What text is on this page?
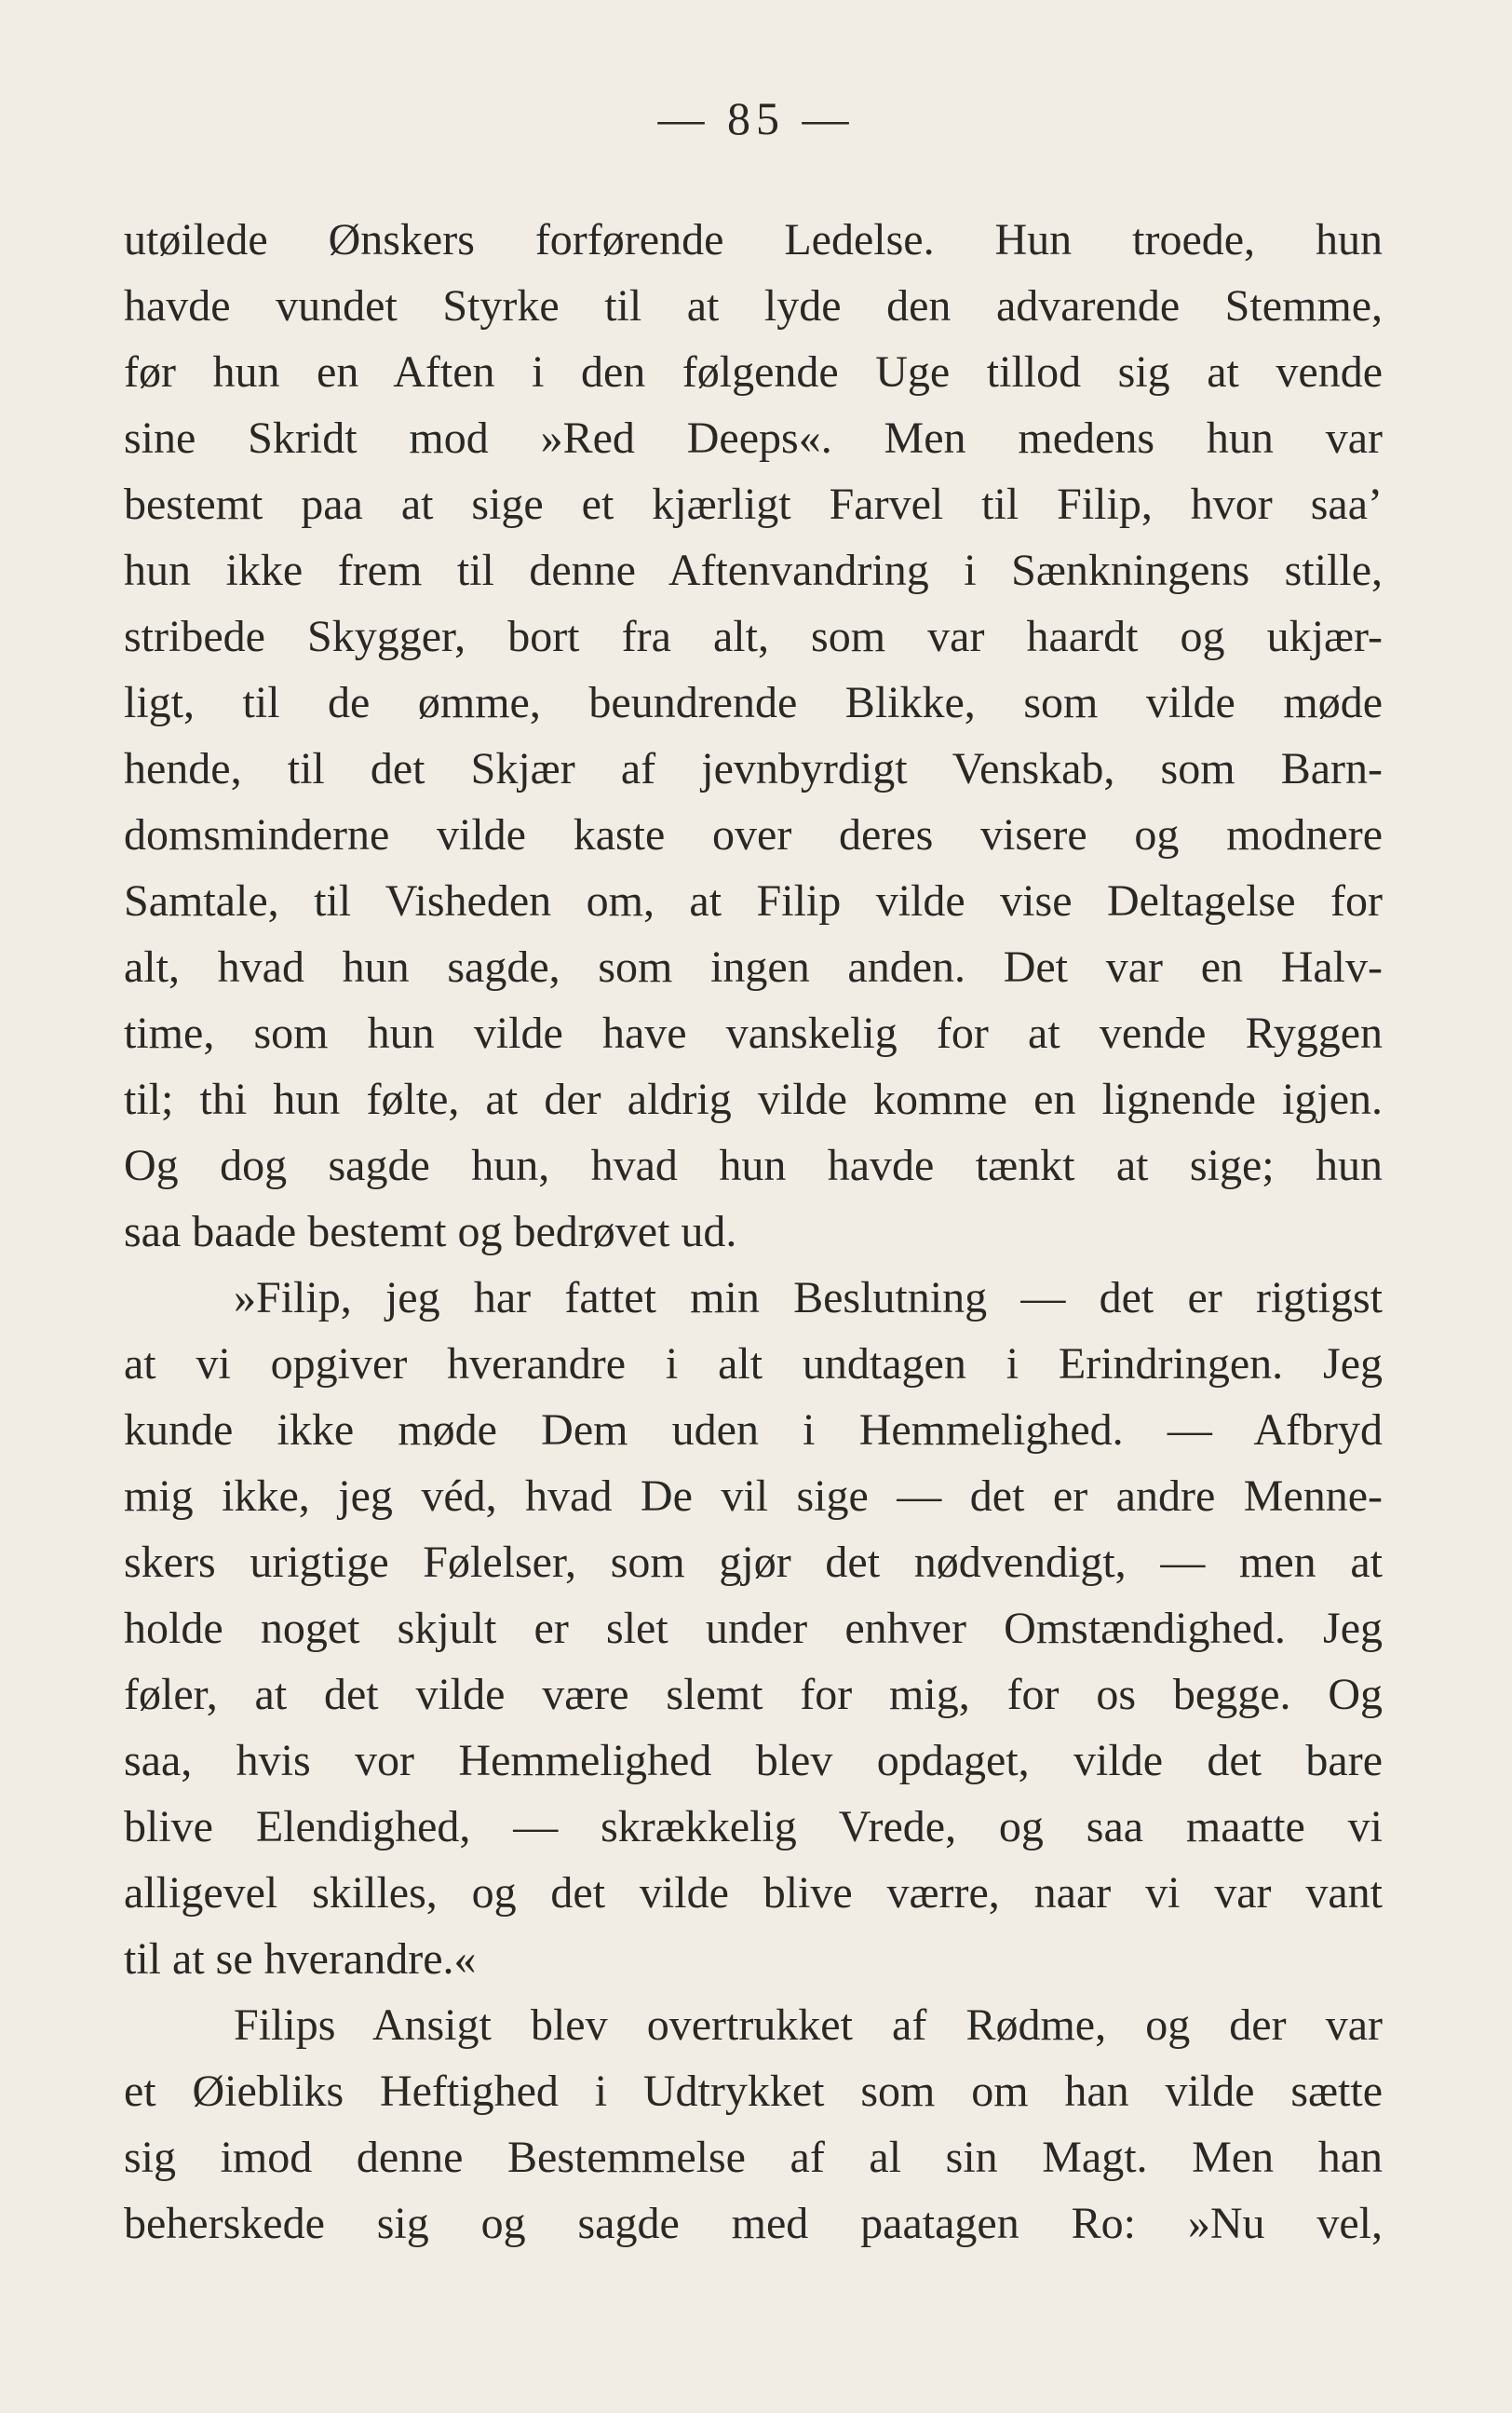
— 85 —
utøilede Ønskers forførende Ledelse. Hun troede, hun
havde vundet Styrke til at lyde den advarende Stemme,
før hun en Aften i den følgende Uge tillod sig at vende
sine Skridt mod »Red Deeps«. Men medens hun var
bestemt paa at sige et kjærligt Farvel til Filip, hvor saa’
hun ikke frem til denne Aftenvandring i Sænkningens stille,
stribede Skygger, bort fra alt, som var haardt og ukjær-
ligt, til de ømme, beundrende Blikke, som vilde møde
hende, til det Skjær af jevnbyrdigt Venskab, som Barn-
domsminderne vilde kaste over deres visere og modnere
Samtale, til Visheden om, at Filip vilde vise Deltagelse for
alt, hvad hun sagde, som ingen anden. Det var en Halv-
time, som hun vilde have vanskelig for at vende Ryggen
til; thi hun følte, at der aldrig vilde komme en lignende igjen.
Og dog sagde hun, hvad hun havde tænkt at sige; hun
saa baade bestemt og bedrøvet ud.
»Filip, jeg har fattet min Beslutning — det er rigtigst
at vi opgiver hverandre i alt undtagen i Erindringen. Jeg
kunde ikke møde Dem uden i Hemmelighed. — Afbryd
mig ikke, jeg véd, hvad De vil sige — det er andre Menne-
skers urigtige Følelser, som gjør det nødvendigt, — men at
holde noget skjult er slet under enhver Omstændighed. Jeg
føler, at det vilde være slemt for mig, for os begge. Og
saa, hvis vor Hemmelighed blev opdaget, vilde det bare
blive Elendighed, — skrækkelig Vrede, og saa maatte vi
alligevel skilles, og det vilde blive værre, naar vi var vant
til at se hverandre.«
Filips Ansigt blev overtrukket af Rødme, og der var
et Øiebliks Heftighed i Udtrykket som om han vilde sætte
sig imod denne Bestemmelse af al sin Magt. Men han
beherskede sig og sagde med paatagen Ro: »Nu vel,
